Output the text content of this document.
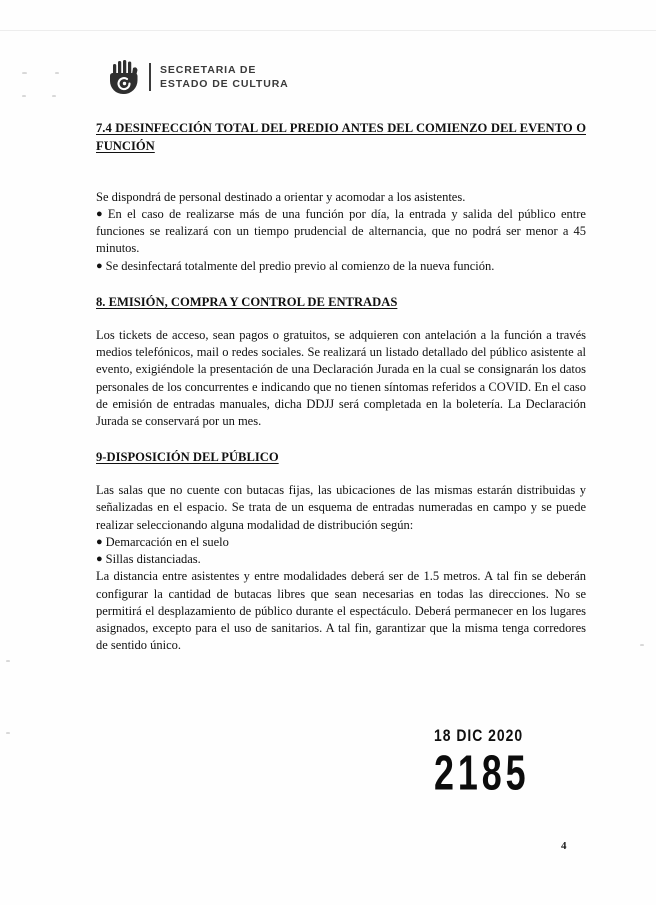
SECRETARIA DE
ESTADO DE CULTURA
7.4 DESINFECCIÓN TOTAL DEL PREDIO ANTES DEL COMIENZO DEL EVENTO O FUNCIÓN

Se dispondrá de personal destinado a orientar y acomodar a los asistentes.

● En el caso de realizarse más de una función por día, la entrada y salida del público entre funciones se realizará con un tiempo prudencial de alternancia, que no podrá ser menor a 45 minutos.

● Se desinfectará totalmente del predio previo al comienzo de la nueva función.

8. EMISIÓN, COMPRA Y CONTROL DE ENTRADAS

Los tickets de acceso, sean pagos o gratuitos, se adquieren con antelación a la función a través medios telefónicos, mail o redes sociales. Se realizará un listado detallado del público asistente al evento, exigiéndole la presentación de una Declaración Jurada en la cual se consignarán los datos personales de los concurrentes e indicando que no tienen síntomas referidos a COVID. En el caso de emisión de entradas manuales, dicha DDJJ será completada en la boletería. La Declaración Jurada se conservará por un mes.

9-DISPOSICIÓN DEL PÚBLICO

Las salas que no cuente con butacas fijas, las ubicaciones de las mismas estarán distribuidas y señalizadas en el espacio. Se trata de un esquema de entradas numeradas en campo y se puede realizar seleccionando alguna modalidad de distribución según:

● Demarcación en el suelo

● Sillas distanciadas.

La distancia entre asistentes y entre modalidades deberá ser de 1.5 metros. A tal fin se deberán configurar la cantidad de butacas libres que sean necesarias en todas las direcciones. No se permitirá el desplazamiento de público durante el espectáculo. Deberá permanecer en los lugares asignados, excepto para el uso de sanitarios. A tal fin, garantizar que la misma tenga corredores de sentido único.

18 DIC 2020
2185
4
